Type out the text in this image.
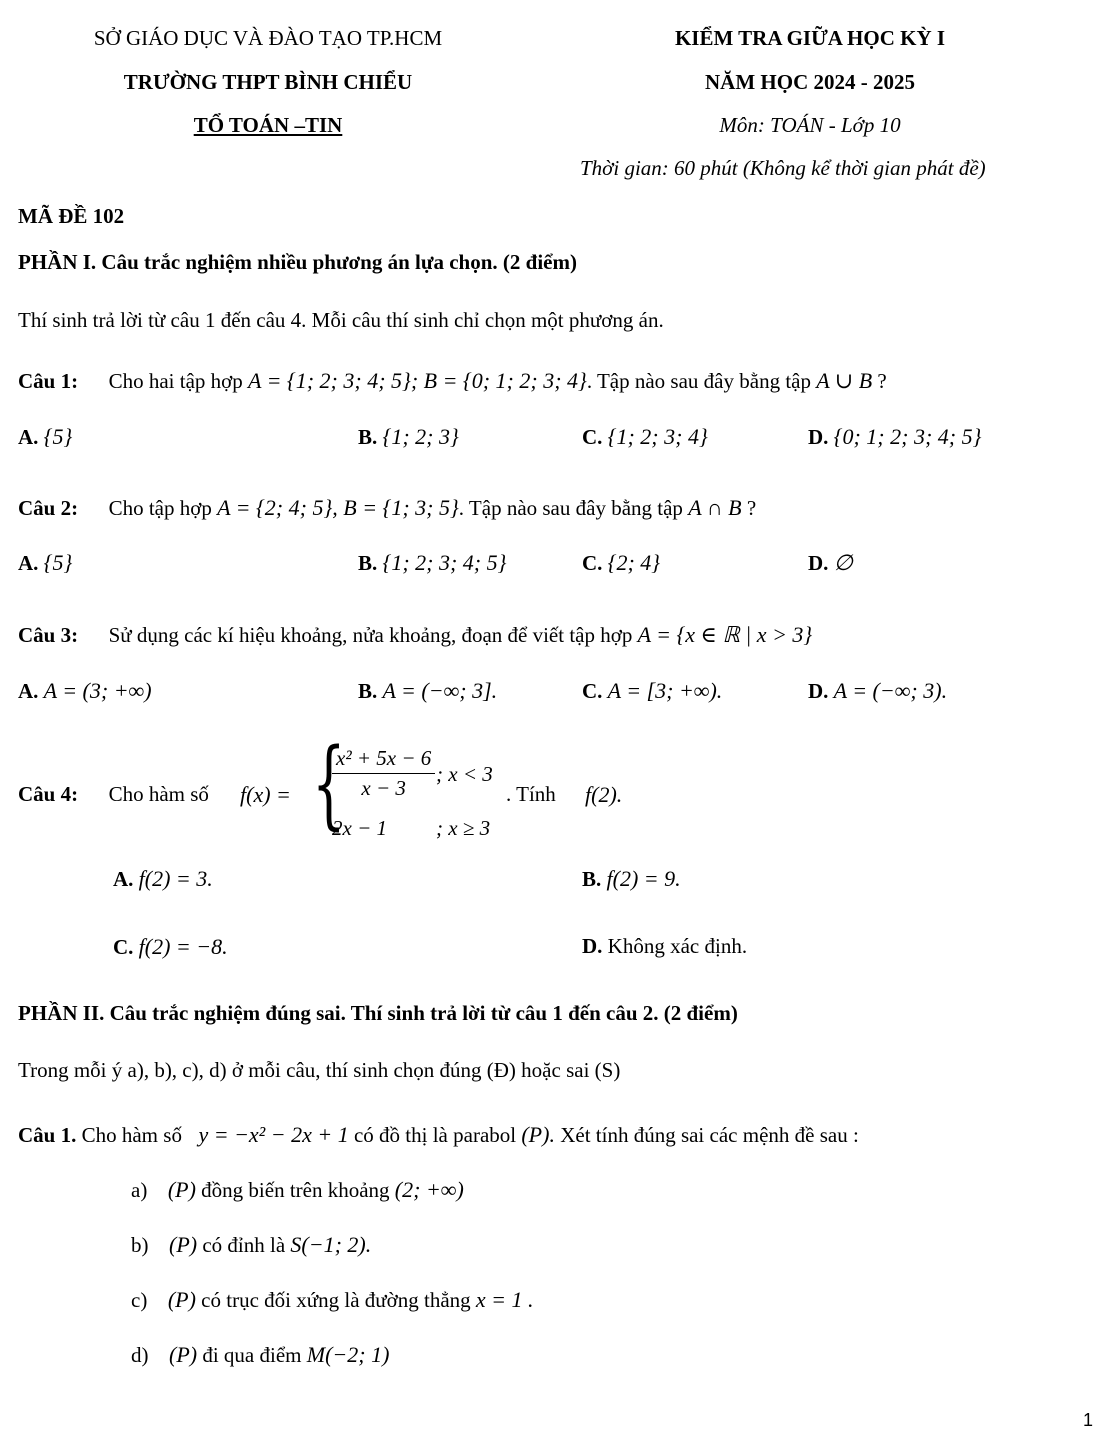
SỞ GIÁO DỤC VÀ ĐÀO TẠO TP.HCM
TRƯỜNG THPT BÌNH CHIỂU
TỔ TOÁN –TIN
KIỂM TRA GIỮA HỌC KỲ I
NĂM HỌC 2024 - 2025
Môn: TOÁN - Lớp 10
Thời gian: 60 phút (Không kể thời gian phát đề)
MÃ ĐỀ 102
PHẦN I. Câu trắc nghiệm nhiều phương án lựa chọn. (2 điểm)
Thí sinh trả lời từ câu 1 đến câu 4. Mỗi câu thí sinh chỉ chọn một phương án.
Câu 1: Cho hai tập hợp A = {1; 2; 3; 4; 5}; B = {0; 1; 2; 3; 4}. Tập nào sau đây bằng tập A ∪ B ?
A. {5}	B. {1; 2; 3}	C. {1; 2; 3; 4}	D. {0; 1; 2; 3; 4; 5}
Câu 2: Cho tập hợp A = {2; 4; 5}, B = {1; 3; 5}. Tập nào sau đây bằng tập A ∩ B ?
A. {5}	B. {1; 2; 3; 4; 5}	C. {2; 4}	D. ∅
Câu 3: Sử dụng các kí hiệu khoảng, nửa khoảng, đoạn để viết tập hợp A = {x ∈ ℝ | x > 3}
A. A = (3; +∞)	B. A = (−∞; 3].	C. A = [3; +∞).	D. A = (−∞; 3).
Câu 4: Cho hàm số f(x) = {
$\frac{\text{x² + 5x − 6}}{x - 3}$ ; x < 3
2x − 1 ; x ≥ 3
. Tính f(2).
A. f(2) = 3.	B. f(2) = 9.
C. f(2) = −8.	D. Không xác định.
PHẦN II. Câu trắc nghiệm đúng sai. Thí sinh trả lời từ câu 1 đến câu 2. (2 điểm)
Trong mỗi ý a), b), c), d) ở mỗi câu, thí sinh chọn đúng (Đ) hoặc sai (S)
Câu 1. Cho hàm số y = −x² − 2x + 1 có đồ thị là parabol (P). Xét tính đúng sai các mệnh đề sau :
a) (P) đồng biến trên khoảng (2; +∞)
b) (P) có đỉnh là S(−1; 2).
c) (P) có trục đối xứng là đường thẳng x = 1 .
d) (P) đi qua điểm M(−2; 1)
1
